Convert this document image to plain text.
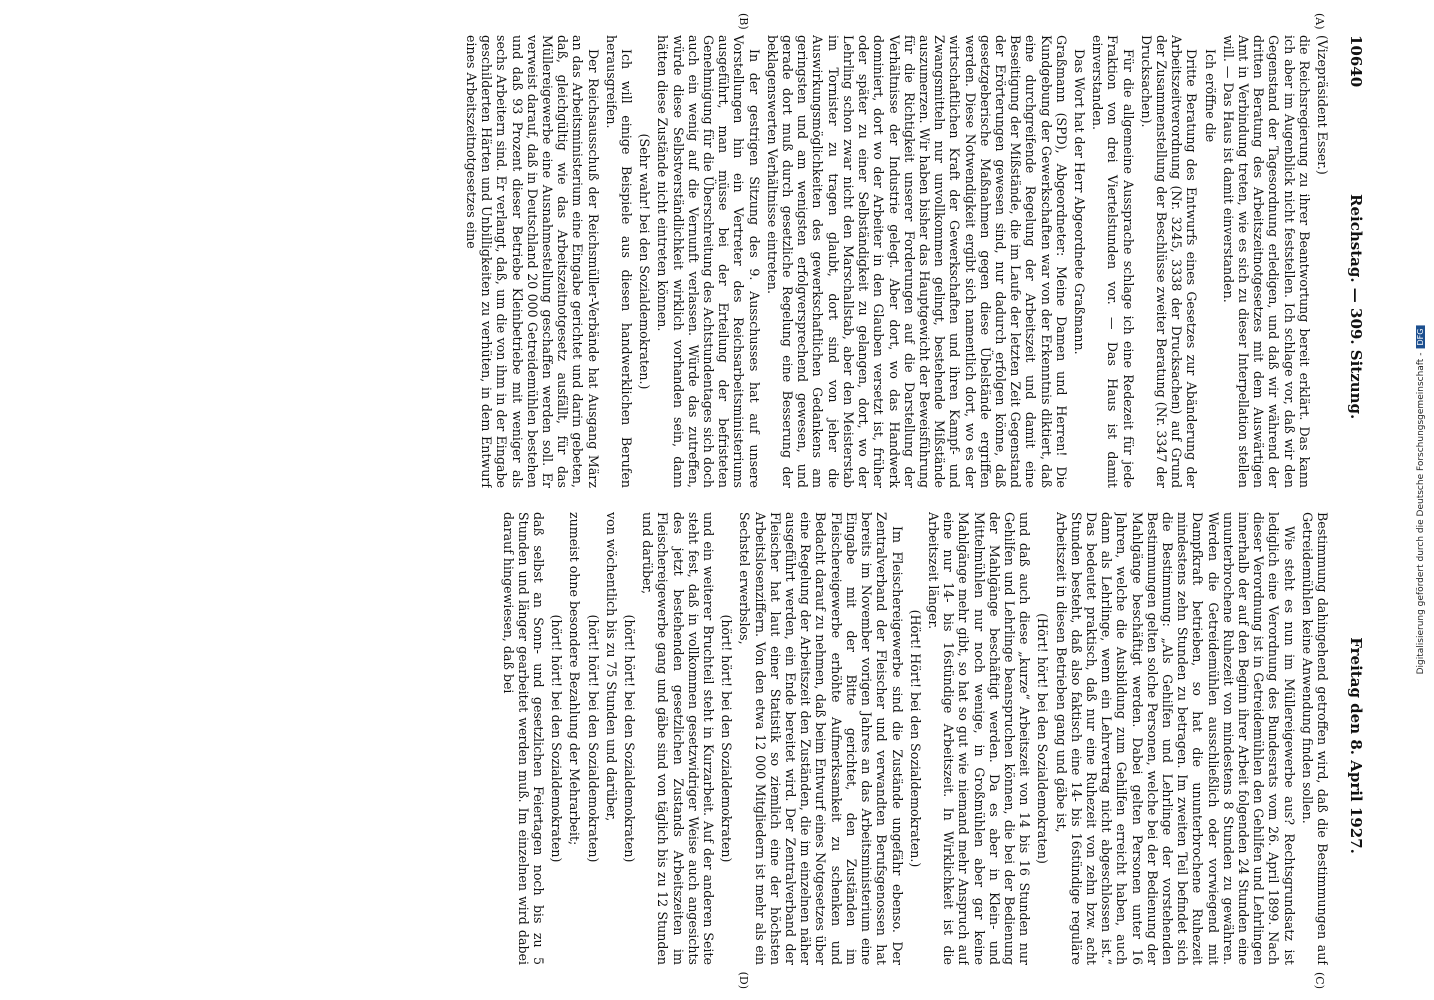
10640
Reichstag. — 309. Sitzung.
Freitag den 8. April 1927.

(Vizepräsident Esser.)

die Reichsregierung zu ihrer Beantwortung bereit erklärt. Das kann ich aber im Augenblick nicht feststellen. Ich schlage vor, daß wir den Gegenstand der Tagesordnung erledigen, und daß wir während der dritten Beratung des Arbeitszeitnotgesetzes mit dem Auswärtigen Amt in Verbindung treten, wie es sich zu dieser Interpellation stellen will. — Das Haus ist damit einverstanden.

Ich eröffne die

Dritte Beratung des Entwurfs eines Gesetzes zur Abänderung der Arbeitszeitverordnung (Nr. 3245, 3338 der Drucksachen) auf Grund der Zusammenstellung der Beschlüsse zweiter Beratung (Nr. 3347 der Drucksachen).

Für die allgemeine Aussprache schlage ich eine Redezeit für jede Fraktion von drei Viertelstunden vor. — Das Haus ist damit einverstanden.

Das Wort hat der Herr Abgeordnete Graßmann.

Graßmann (SPD), Abgeordneter: Meine Damen und Herren! Die Kundgebung der Gewerkschaften war von der Erkenntnis diktiert, daß eine durchgreifende Regelung der Arbeitszeit und damit eine Beseitigung der Mißstände, die im Laufe der letzten Zeit Gegenstand der Erörterungen gewesen sind, nur dadurch erfolgen könne, daß gesetzgeberische Maßnahmen gegen diese Übelstände ergriffen werden. Diese Notwendigkeit ergibt sich namentlich dort, wo es der wirtschaftlichen Kraft der Gewerkschaften und ihren Kampf- und Zwangsmitteln nur unvollkommen gelingt, bestehende Mißstände auszumerzen. Wir haben bisher das Hauptgewicht der Beweisführung für die Richtigkeit unserer Forderungen auf die Darstellung der Verhältnisse der Industrie gelegt. Aber dort, wo das Handwerk dominiert, dort wo der Arbeiter in den Glauben versetzt ist, früher oder später zu einer Selbständigkeit zu gelangen, dort, wo der Lehrling schon zwar nicht den Marschallstab, aber den Meisterstab im Tornister zu tragen glaubt, dort sind von jeher die Auswirkungsmöglichkeiten des gewerkschaftlichen Gedankens am geringsten und am wenigsten erfolgversprechend gewesen, und gerade dort muß durch gesetzliche Regelung eine Besserung der beklagenswerten Verhältnisse eintreten.

In der gestrigen Sitzung des 9. Ausschusses hat auf unsere Vorstellungen hin ein Vertreter des Reichsarbeitsministeriums ausgeführt, man müsse bei der Erteilung der befristeten Genehmigung für die Überschreitung des Achtstundentages sich doch auch ein wenig auf die Vernunft verlassen. Würde das zutreffen, würde diese Selbstverständlichkeit wirklich vorhanden sein, dann hätten diese Zustände nicht eintreten können.

(Sehr wahr! bei den Sozialdemokraten.)

Ich will einige Beispiele aus diesen handwerklichen Berufen herausgreifen.

Der Reichsausschuß der Reichsmüller-Verbände hat Ausgang März an das Arbeitsministerium eine Eingabe gerichtet und darin gebeten, daß, gleichgültig wie das Arbeitszeitnotgesetz ausfällt, für das Müllereigewerbe eine Ausnahmestellung geschaffen werden soll. Er verweist darauf, daß in Deutschland 20 000 Getreidemühlen bestehen und daß 93 Prozent dieser Betriebe Kleinbetriebe mit weniger als sechs Arbeitern sind. Er verlangt, daß, um die von ihm in der Eingabe geschilderten Härten und Unbilligkeiten zu verhüten, in dem Entwurf eines Arbeitszeitnotgesetzes eine

Bestimmung dahingehend getroffen wird, daß die Bestimmungen auf Getreidemühlen keine Anwendung finden sollen.

Wie steht es nun im Müllereigewerbe aus? Rechtsgrundsatz ist lediglich eine Verordnung des Bundesrats vom 26. April 1899. Nach dieser Verordnung ist in Getreidemühlen den Gehilfen und Lehrlingen innerhalb der auf den Beginn ihrer Arbeit folgenden 24 Stunden eine ununterbrochene Ruhezeit von mindestens 8 Stunden zu gewähren. Werden die Getreidemühlen ausschließlich oder vorwiegend mit Dampfkraft betrieben, so hat die ununterbrochene Ruhezeit mindestens zehn Stunden zu betragen. Im zweiten Teil befindet sich die Bestimmung: „Als Gehilfen und Lehrlinge der vorstehenden Bestimmungen gelten solche Personen, welche bei der Bedienung der Mahlgänge beschäftigt werden. Dabei gelten Personen unter 16 Jahren, welche die Ausbildung zum Gehilfen erreicht haben, auch dann als Lehrlinge, wenn ein Lehrvertrag nicht abgeschlossen ist.“ Das bedeutet praktisch, daß nur eine Ruhezeit von zehn bzw. acht Stunden besteht, daß also faktisch eine 14- bis 16stündige reguläre Arbeitszeit in diesen Betrieben gang und gäbe ist,

(Hört! hört! bei den Sozialdemokraten)

und daß auch diese „kurze“ Arbeitszeit von 14 bis 16 Stunden nur Gehilfen und Lehrlinge beanspruchen können, die bei der Bedienung der Mahlgänge beschäftigt werden. Da es aber in Klein- und Mittelmühlen nur noch wenige, in Großmühlen aber gar keine Mahlgänge mehr gibt, so hat so gut wie niemand mehr Anspruch auf eine nur 14- bis 16stündige Arbeitszeit. In Wirklichkeit ist die Arbeitszeit länger.

(Hört! Hört! bei den Sozialdemokraten.)

Im Fleischereigewerbe sind die Zustände ungefähr ebenso. Der Zentralverband der Fleischer und verwandten Berufsgenossen hat bereits im November vorigen Jahres an das Arbeitsministerium eine Eingabe mit der Bitte gerichtet, den Zuständen im Fleischereigewerbe erhöhte Aufmerksamkeit zu schenken und Bedacht darauf zu nehmen, daß beim Entwurf eines Notgesetzes über eine Regelung der Arbeitszeit den Zuständen, die im einzelnen näher ausgeführt werden, ein Ende bereitet wird. Der Zentralverband der Fleischer hat laut einer Statistik so ziemlich eine der höchsten Arbeitslosenziffern. Von den etwa 12 000 Mitgliedern ist mehr als ein Sechstel erwerbslos,

(hört! hört! bei den Sozialdemokraten)

und ein weiterer Bruchteil steht in Kurzarbeit. Auf der anderen Seite steht fest, daß in vollkommen gesetzwidriger Weise auch angesichts des jetzt bestehenden gesetzlichen Zustands Arbeitszeiten im Fleischereigewerbe gang und gäbe sind von täglich bis zu 12 Stunden und darüber,

(hört! hört! bei den Sozialdemokraten)

von wöchentlich bis zu 75 Stunden und darüber,

(hört! hört! bei den Sozialdemokraten)

zumeist ohne besondere Bezahlung der Mehrarbeit;

(hört! hört! bei den Sozialdemokraten)

daß selbst an Sonn- und gesetzlichen Feiertagen noch bis zu 5 Stunden und länger gearbeitet werden muß. Im einzelnen wird dabei darauf hingewiesen, daß bei

(A)
(B)
(C)
(D)
Digitalisierung gefördert durch die Deutsche Forschungsgemeinschaft -DFG
